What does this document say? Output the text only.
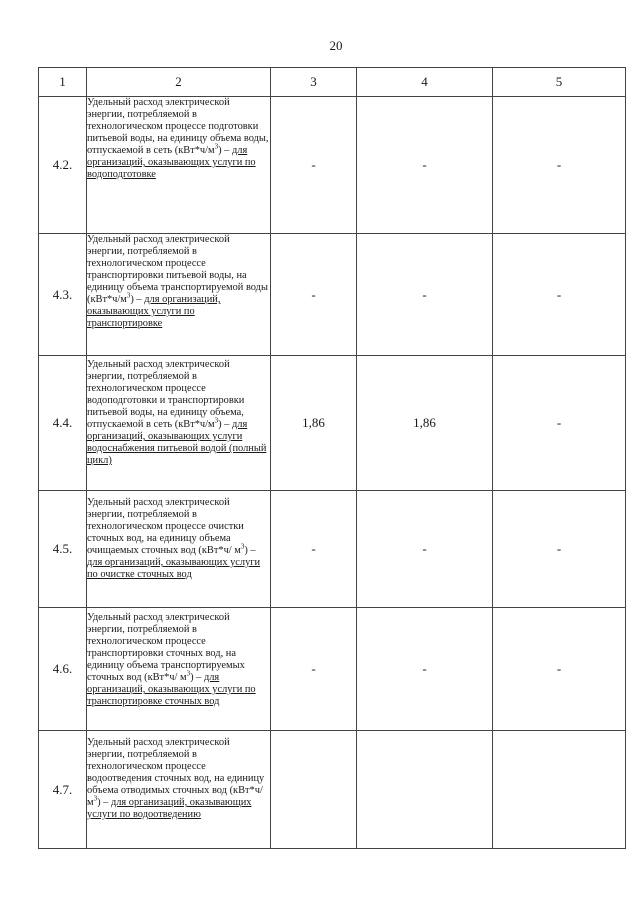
20
1	2	3	4	5
4.2.	Удельный расход электрической энергии, потребляемой в технологическом процессе подготовки питьевой воды, на единицу объема воды, отпускаемой в сеть $(кВт*ч/м^3)$ – для организаций, оказывающих услуги по водоподготовке	-	-	-
4.3.	Удельный расход электрической энергии, потребляемой в технологическом процессе транспортировки питьевой воды, на единицу объема транспортируемой воды $(кВт*ч/м^3)$ – для организаций, оказывающих услуги по транспортировке	-	-	-
4.4.	Удельный расход электрической энергии, потребляемой в технологическом процессе водоподготовки и транспортировки питьевой воды, на единицу объема, отпускаемой в сеть $(кВт*ч/м^3)$ – для организаций, оказывающих услуги водоснабжения питьевой водой (полный цикл)	1,86	1,86	-
4.5.	Удельный расход электрической энергии, потребляемой в технологическом процессе очистки сточных вод, на единицу объема очищаемых сточных вод (кВт*ч/ $м^3$) – для организаций, оказывающих услуги по очистке сточных вод	-	-	-
4.6.	Удельный расход электрической энергии, потребляемой в технологическом процессе транспортировки сточных вод, на единицу объема транспортируемых сточных вод (кВт*ч/ $м^3$) – для организаций, оказывающих услуги по транспортировке сточных вод	-	-	-
4.7.	Удельный расход электрической энергии, потребляемой в технологическом процессе водоотведения сточных вод, на единицу объема отводимых сточных вод (кВт*ч/ $м^3$) – для организаций, оказывающих услуги по водоотведению			
